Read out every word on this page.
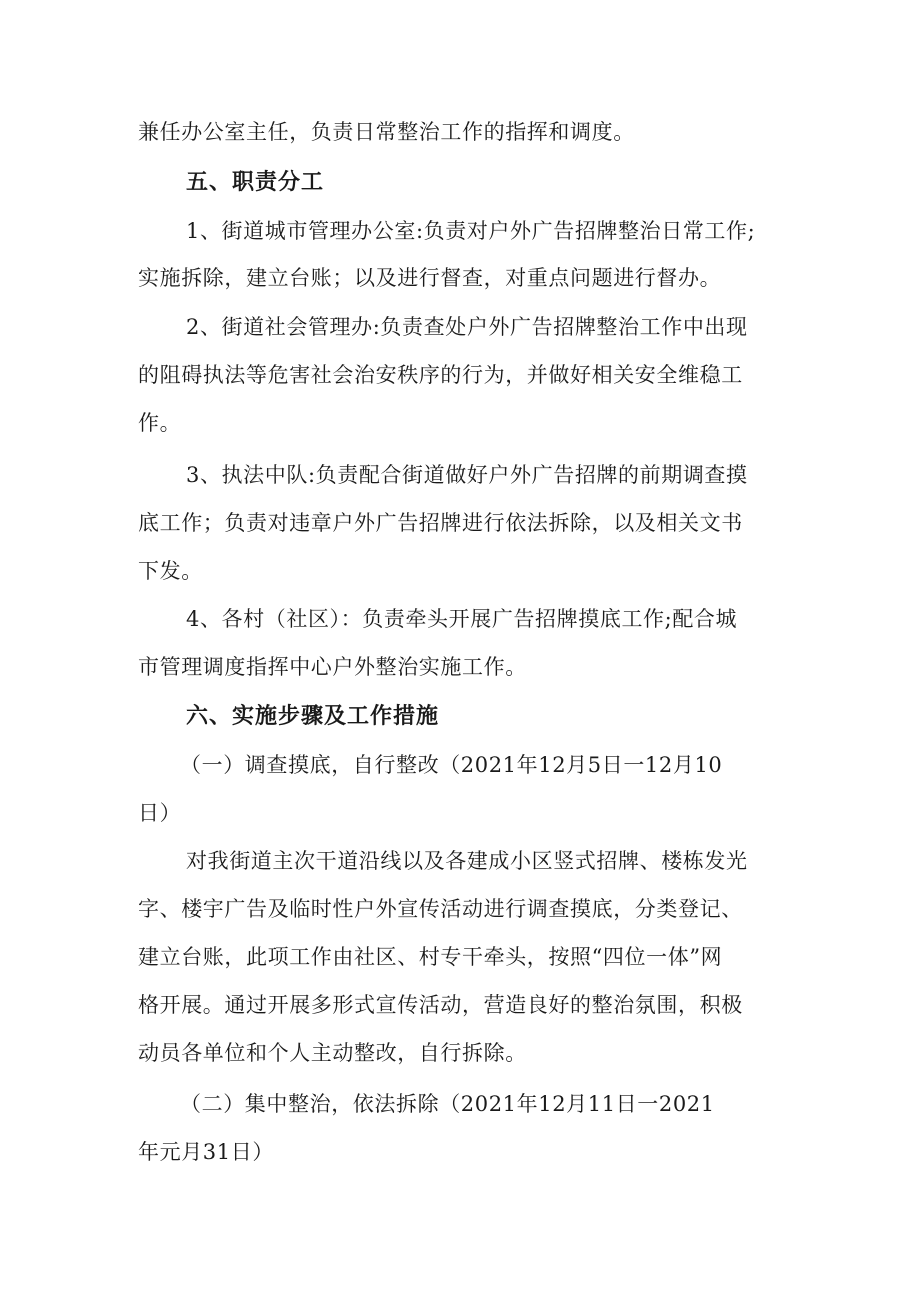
兼任办公室主任，负责日常整治工作的指挥和调度。
五、职责分工
1、街道城市管理办公室:负责对户外广告招牌整治日常工作;
实施拆除，建立台账；以及进行督查，对重点问题进行督办。
2、街道社会管理办:负责查处户外广告招牌整治工作中出现
的阻碍执法等危害社会治安秩序的行为，并做好相关安全维稳工
作。
3、执法中队:负责配合街道做好户外广告招牌的前期调查摸
底工作；负责对违章户外广告招牌进行依法拆除，以及相关文书
下发。
4、各村（社区）：负责牵头开展广告招牌摸底工作;配合城
市管理调度指挥中心户外整治实施工作。
六、实施步骤及工作措施
（一）调查摸底，自行整改（2021年12月5日一12月10
日）
对我街道主次干道沿线以及各建成小区竖式招牌、楼栋发光
字、楼宇广告及临时性户外宣传活动进行调查摸底，分类登记、
建立台账，此项工作由社区、村专干牵头，按照“四位一体”网
格开展。通过开展多形式宣传活动，营造良好的整治氛围，积极
动员各单位和个人主动整改，自行拆除。
（二）集中整治，依法拆除（2021年12月11日一2021
年元月31日）
